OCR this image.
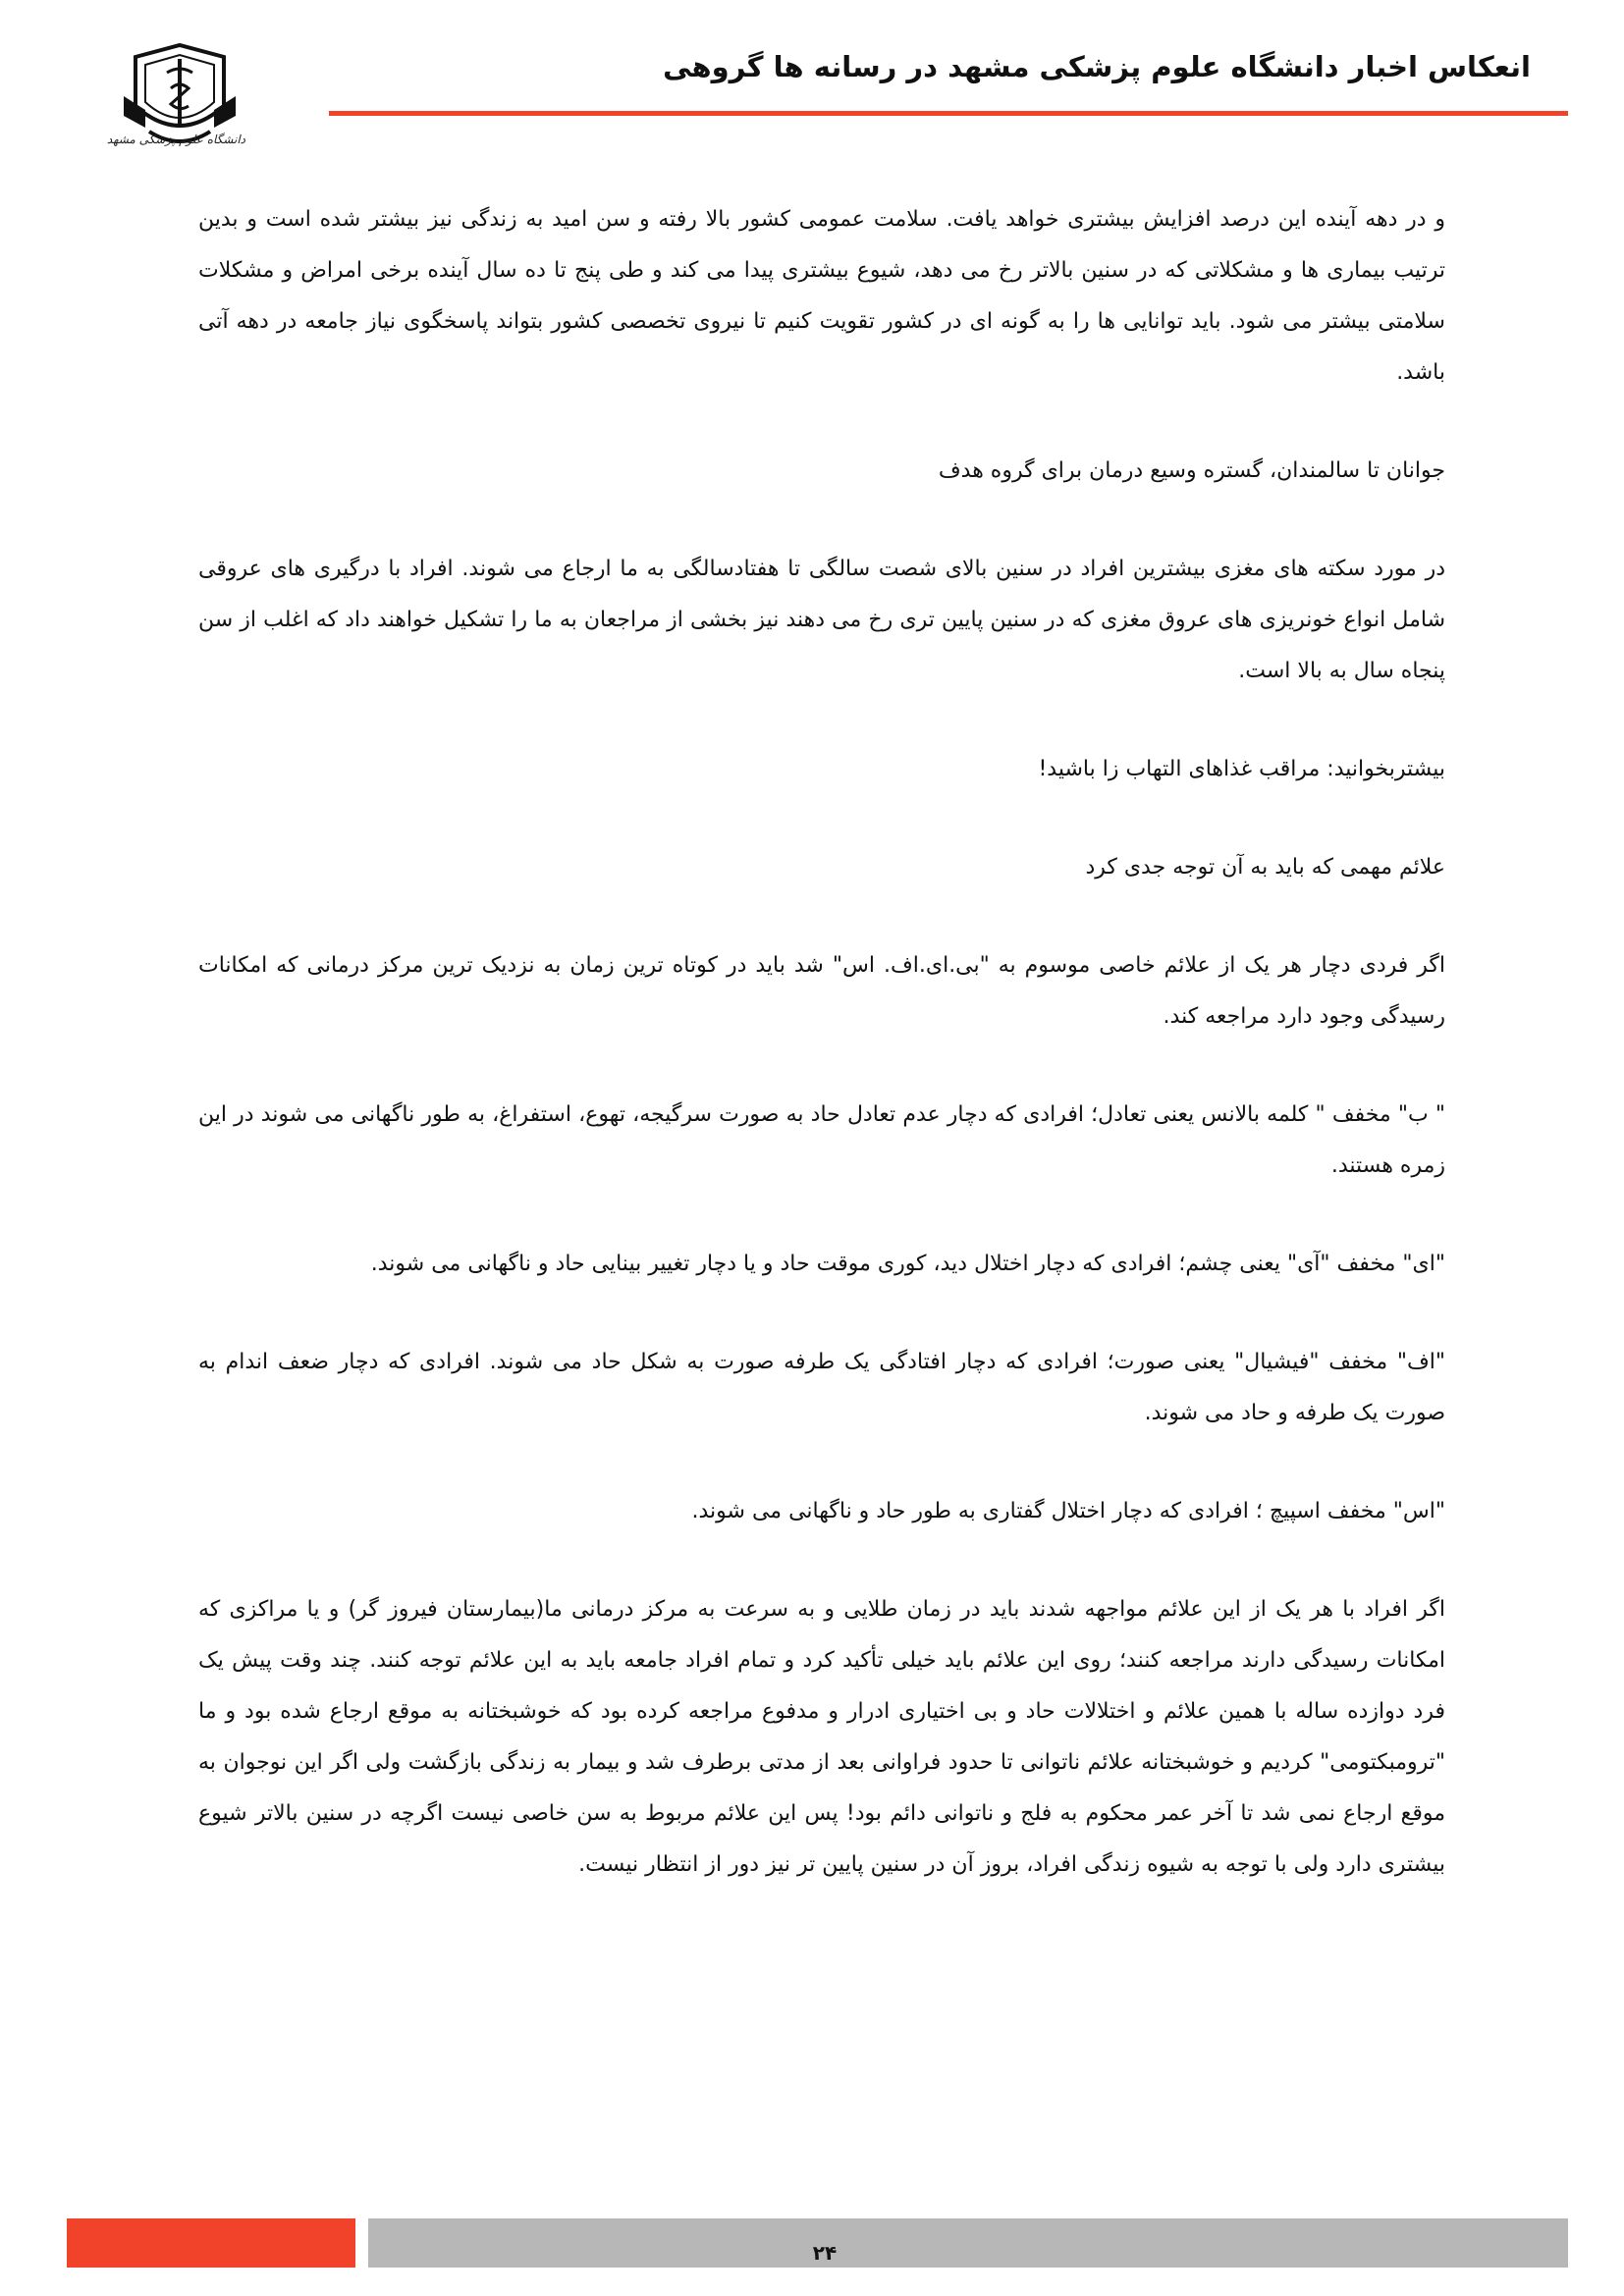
انعکاس اخبار دانشگاه علوم پزشکی مشهد در رسانه ها گروهی
دانشگاه علوم پزشکی مشهد

و در دهه آینده این درصد افزایش بیشتری خواهد یافت. سلامت عمومی کشور بالا رفته و سن امید به زندگی نیز بیشتر شده است و بدین ترتیب بیماری ها و مشکلاتی که در سنین بالاتر رخ می دهد، شیوع بیشتری پیدا می کند و طی پنج تا ده سال آینده برخی امراض و مشکلات سلامتی بیشتر می شود. باید توانایی ها را به گونه ای در کشور تقویت کنیم تا نیروی تخصصی کشور بتواند پاسخگوی نیاز جامعه در دهه آتی باشد.

جوانان تا سالمندان، گستره وسیع درمان برای گروه هدف

در مورد سکته های مغزی بیشترین افراد در سنین بالای شصت سالگی تا هفتادسالگی به ما ارجاع می شوند. افراد با درگیری های عروقی شامل انواع خونریزی های عروق مغزی که در سنین پایین تری رخ می دهند نیز بخشی از مراجعان به ما را تشکیل خواهند داد که اغلب از سن پنجاه سال به بالا است.

بیشتربخوانید: مراقب غذاهای التهاب زا باشید!

علائم مهمی که باید به آن توجه جدی کرد

اگر فردی دچار هر یک از علائم خاصی موسوم به "بی.ای.اف. اس" شد باید در کوتاه ترین زمان به نزدیک ترین مرکز درمانی که امکانات رسیدگی وجود دارد مراجعه کند.

" ب" مخفف " کلمه بالانس یعنی تعادل؛ افرادی که دچار عدم تعادل حاد به صورت سرگیجه، تهوع، استفراغ، به طور ناگهانی می شوند در این زمره هستند.

"ای" مخفف "آی" یعنی چشم؛ افرادی که دچار اختلال دید، کوری موقت حاد و یا دچار تغییر بینایی حاد و ناگهانی می شوند.

"اف" مخفف "فیشیال" یعنی صورت؛ افرادی که دچار افتادگی یک طرفه صورت به شکل حاد می شوند. افرادی که دچار ضعف اندام به صورت یک طرفه و حاد می شوند.

"اس" مخفف اسپیچ ؛ افرادی که دچار اختلال گفتاری به طور حاد و ناگهانی می شوند.

اگر افراد با هر یک از این علائم مواجهه شدند باید در زمان طلایی و به سرعت به مرکز درمانی ما(بیمارستان فیروز گر) و یا مراکزی که امکانات رسیدگی دارند مراجعه کنند؛ روی این علائم باید خیلی تأکید کرد و تمام افراد جامعه باید به این علائم توجه کنند. چند وقت پیش یک فرد دوازده ساله با همین علائم و اختلالات حاد و بی اختیاری ادرار و مدفوع مراجعه کرده بود که خوشبختانه به موقع ارجاع شده بود و ما "ترومبکتومی" کردیم و خوشبختانه علائم ناتوانی تا حدود فراوانی بعد از مدتی برطرف شد و بیمار به زندگی بازگشت ولی اگر این نوجوان به موقع ارجاع نمی شد تا آخر عمر محکوم به فلج و ناتوانی دائم بود! پس این علائم مربوط به سن خاصی نیست اگرچه در سنین بالاتر شیوع بیشتری دارد ولی با توجه به شیوه زندگی افراد، بروز آن در سنین پایین تر نیز دور از انتظار نیست.

۲۴
